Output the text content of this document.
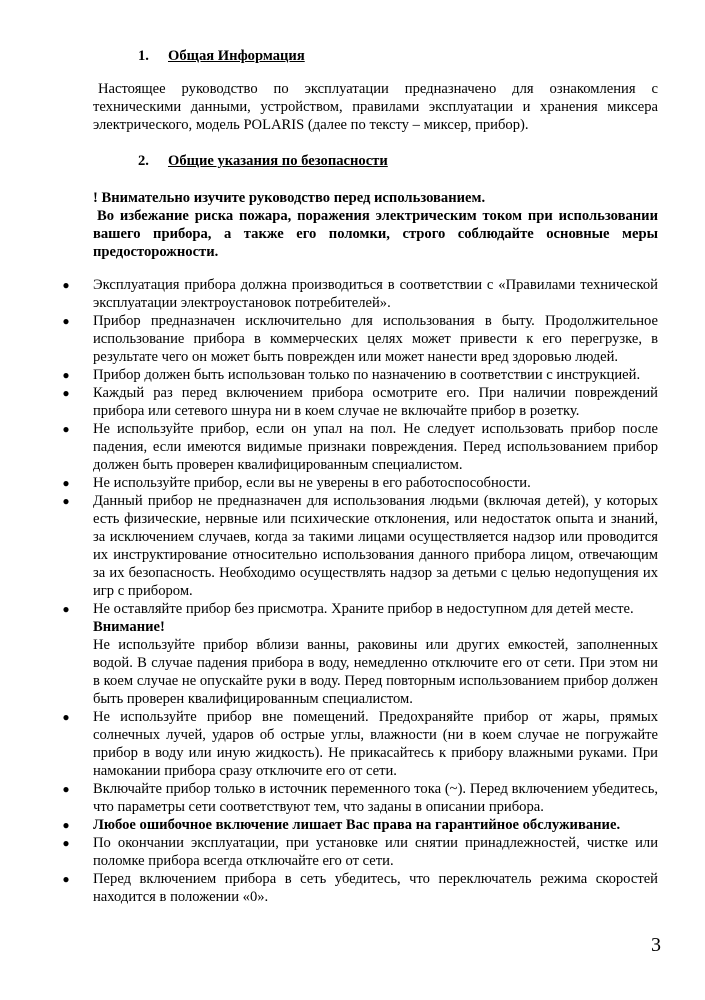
1. Общая Информация
Настоящее руководство по эксплуатации предназначено для ознакомления с техническими данными, устройством, правилами эксплуатации и хранения миксера электрического, модель POLARIS (далее по тексту – миксер, прибор).
2. Общие указания по безопасности

! Внимательно изучите руководство перед использованием.

Во избежание риска пожара, поражения электрическим током при использовании вашего прибора, а также его поломки, строго соблюдайте основные меры предосторожности.

● Эксплуатация прибора должна производиться в соответствии с «Правилами технической эксплуатации электроустановок потребителей».

● Прибор предназначен исключительно для использования в быту. Продолжительное использование прибора в коммерческих целях может привести к его перегрузке, в результате чего он может быть поврежден или может нанести вред здоровью людей.

● Прибор должен быть использован только по назначению в соответствии с инструкцией.

● Каждый раз перед включением прибора осмотрите его. При наличии повреждений прибора или сетевого шнура ни в коем случае не включайте прибор в розетку.

● Не используйте прибор, если он упал на пол. Не следует использовать прибор после падения, если имеются видимые признаки повреждения. Перед использованием прибор должен быть проверен квалифицированным специалистом.

● Не используйте прибор, если вы не уверены в его работоспособности.

● Данный прибор не предназначен для использования людьми (включая детей), у которых есть физические, нервные или психические отклонения, или недостаток опыта и знаний, за исключением случаев, когда за такими лицами осуществляется надзор или проводится их инструктирование относительно использования данного прибора лицом, отвечающим за их безопасность. Необходимо осуществлять надзор за детьми с целью недопущения их игр с прибором.

● Не оставляйте прибор без присмотра. Храните прибор в недоступном для детей месте.

Внимание!

Не используйте прибор вблизи ванны, раковины или других емкостей, заполненных водой. В случае падения прибора в воду, немедленно отключите его от сети. При этом ни в коем случае не опускайте руки в воду. Перед повторным использованием прибор должен быть проверен квалифицированным специалистом.

● Не используйте прибор вне помещений. Предохраняйте прибор от жары, прямых солнечных лучей, ударов об острые углы, влажности (ни в коем случае не погружайте прибор в воду или иную жидкость). Не прикасайтесь к прибору влажными руками. При намокании прибора сразу отключите его от сети.

● Включайте прибор только в источник переменного тока (~). Перед включением убедитесь, что параметры сети соответствуют тем, что заданы в описании прибора.

● Любое ошибочное включение лишает Вас права на гарантийное обслуживание.

● По окончании эксплуатации, при установке или снятии принадлежностей, чистке или поломке прибора всегда отключайте его от сети.

● Перед включением прибора в сеть убедитесь, что переключатель режима скоростей находится в положении «0».

3
